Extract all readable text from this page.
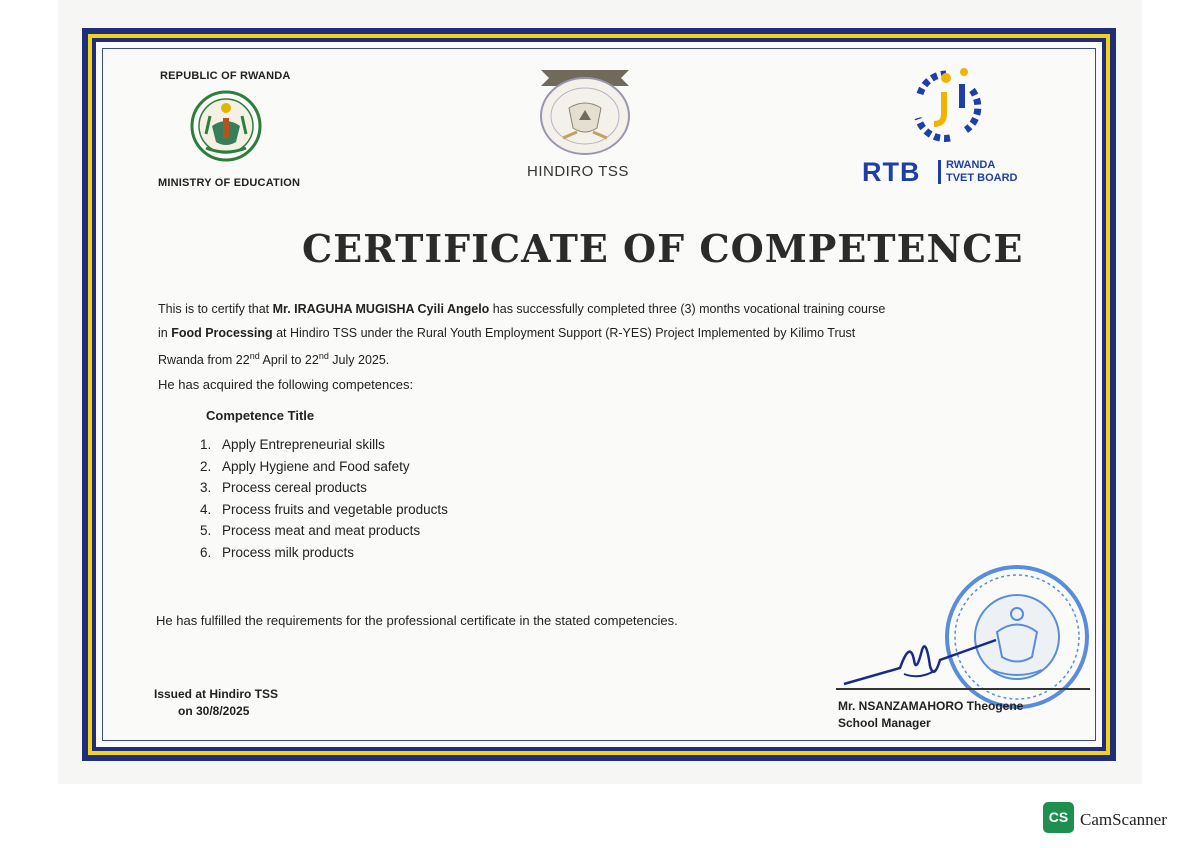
REPUBLIC OF RWANDA
MINISTRY OF EDUCATION
HINDIRO TSS	RTB RWANDA
TVET BOARD
CERTIFICATE OF COMPETENCE
This is to certify that Mr. IRAGUHA MUGISHA Cyili Angelo has successfully completed three (3) months vocational training course
in Food Processing at Hindiro TSS under the Rural Youth Employment Support (R-YES) Project Implemented by Kilimo Trust
Rwanda from 22nd April to 22nd July 2025.
He has acquired the following competences:
Competence Title
1. Apply Entrepreneurial skills
2. Apply Hygiene and Food safety
3. Process cereal products
4. Process fruits and vegetable products
5. Process meat and meat products
6. Process milk products
He has fulfilled the requirements for the professional certificate in the stated competencies.
Issued at Hindiro TSS
on 30/8/2025	Mr. NSANZAMAHORO Theogene
School Manager
CS CamScanner
